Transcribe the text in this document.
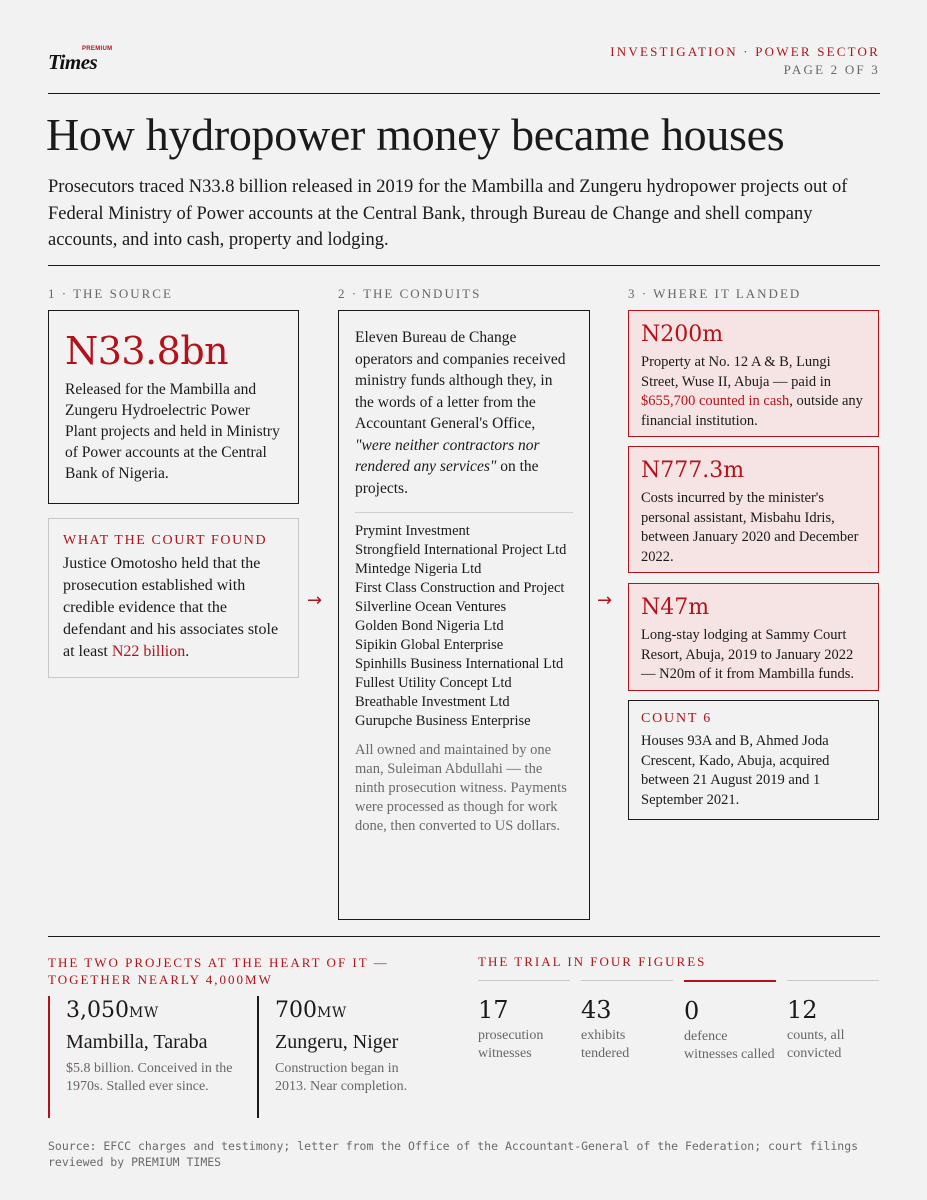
PREMIUM
Times	INVESTIGATION · POWER SECTOR
PAGE 2 OF 3
How hydropower money became houses

Prosecutors traced N33.8 billion released in 2019 for the Mambilla and Zungeru hydropower projects out of Federal Ministry of Power accounts at the Central Bank, through Bureau de Change and shell company accounts, and into cash, property and lodging.

1 · THE SOURCE	2 · THE CONDUITS	3 · WHERE IT LANDED
N33.8bn
Released for the Mambilla and Zungeru Hydroelectric Power Plant projects and held in Ministry of Power accounts at the Central Bank of Nigeria.
WHAT THE COURT FOUND
Justice Omotosho held that the prosecution established with credible evidence that the defendant and his associates stole at least N22 billion.
→	→
Eleven Bureau de Change operators and companies received ministry funds although they, in the words of a letter from the Accountant General's Office, "were neither contractors nor rendered any services" on the projects.
Prymint Investment
Strongfield International Project Ltd
Mintedge Nigeria Ltd
First Class Construction and Project
Silverline Ocean Ventures
Golden Bond Nigeria Ltd
Sipikin Global Enterprise
Spinhills Business International Ltd
Fullest Utility Concept Ltd
Breathable Investment Ltd
Gurupche Business Enterprise
All owned and maintained by one man, Suleiman Abdullahi — the ninth prosecution witness. Payments were processed as though for work done, then converted to US dollars.
N200m
Property at No. 12 A & B, Lungi Street, Wuse II, Abuja — paid in $655,700 counted in cash, outside any financial institution.
N777.3m
Costs incurred by the minister's personal assistant, Misbahu Idris, between January 2020 and December 2022.
N47m
Long-stay lodging at Sammy Court Resort, Abuja, 2019 to January 2022 — N20m of it from Mambilla funds.
COUNT 6
Houses 93A and B, Ahmed Joda Crescent, Kado, Abuja, acquired between 21 August 2019 and 1 September 2021.
THE TWO PROJECTS AT THE HEART OF IT — TOGETHER NEARLY 4,000MW
3,050MW
Mambilla, Taraba
$5.8 billion. Conceived in the 1970s. Stalled ever since.
700MW
Zungeru, Niger
Construction began in 2013. Near completion.
THE TRIAL IN FOUR FIGURES
17
prosecution witnesses
43
exhibits tendered
0
defence witnesses called
12
counts, all convicted
Source: EFCC charges and testimony; letter from the Office of the Accountant-General of the Federation; court filings reviewed by PREMIUM TIMES
